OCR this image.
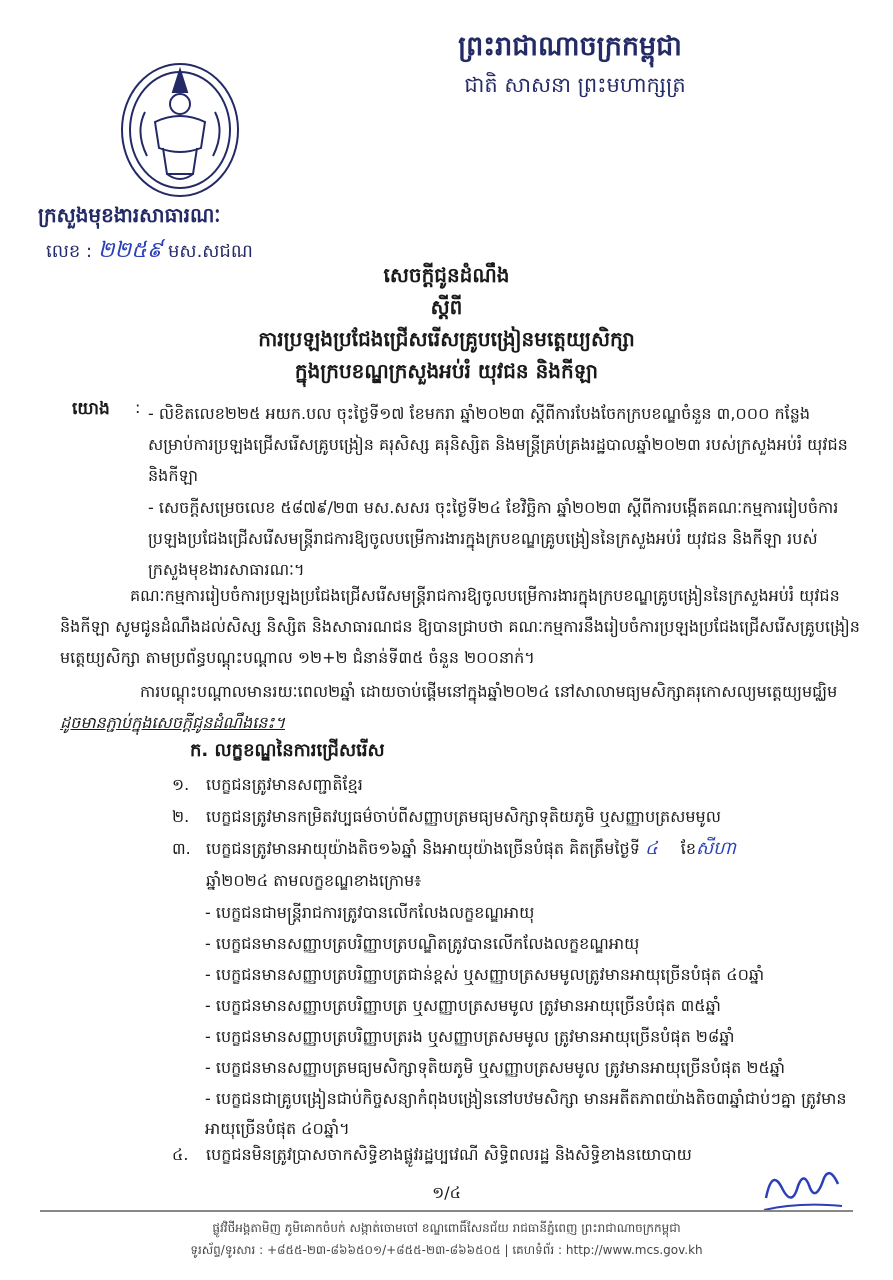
ព្រះរាជាណាចក្រកម្ពុជា
ជាតិ សាសនា ព្រះមហាក្សត្រ
ក្រសួងមុខងារសាធារណៈ
លេខ : ២២៥៩ មស.សជណ
សេចក្តីជូនដំណឹង
ស្តីពី
ការប្រឡងប្រជែងជ្រើសរើសគ្រូបង្រៀនមត្តេយ្យសិក្សា
ក្នុងក្របខណ្ឌក្រសួងអប់រំ យុវជន និងកីឡា
យោង : - លិខិតលេខ២២៥ អយក.បល ចុះថ្ងៃទី១៧ ខែមករា ឆ្នាំ២០២៣ ស្តីពីការបែងចែកក្របខណ្ឌចំនួន ៣,០០០ កន្លែងសម្រាប់ការប្រឡងជ្រើសរើសគ្រូបង្រៀន គរុសិស្ស គរុនិស្សិត និងមន្ត្រីគ្រប់គ្រងរដ្ឋបាលឆ្នាំ២០២៣ របស់ក្រសួងអប់រំ យុវជន និងកីឡា
- សេចក្តីសម្រេចលេខ ៥៨៧៩/២៣ មស.សសរ ចុះថ្ងៃទី២៤ ខែវិច្ឆិកា ឆ្នាំ២០២៣ ស្តីពីការបង្កើតគណៈកម្មការរៀបចំការប្រឡងប្រជែងជ្រើសរើសមន្ត្រីរាជការឱ្យចូលបម្រើការងារក្នុងក្របខណ្ឌគ្រូបង្រៀននៃក្រសួងអប់រំ យុវជន និងកីឡា របស់ក្រសួងមុខងារសាធារណៈ។
គណៈកម្មការរៀបចំការប្រឡងប្រជែងជ្រើសរើសមន្ត្រីរាជការឱ្យចូលបម្រើការងារក្នុងក្របខណ្ឌគ្រូបង្រៀននៃក្រសួងអប់រំ យុវជន និងកីឡា សូមជូនដំណឹងដល់សិស្ស និស្សិត និងសាធារណជន ឱ្យបានជ្រាបថា គណៈកម្មការនឹងរៀបចំការប្រឡងប្រជែងជ្រើសរើសគ្រូបង្រៀនមត្តេយ្យសិក្សា តាមប្រព័ន្ធបណ្តុះបណ្តាល ១២+២ ជំនាន់ទី៣៥ ចំនួន ២០០នាក់។
ការបណ្តុះបណ្តាលមានរយៈពេល២ឆ្នាំ ដោយចាប់ផ្តើមនៅក្នុងឆ្នាំ២០២៤ នៅសាលាមធ្យមសិក្សាគរុកោសល្យមត្តេយ្យមជ្ឈិម ដូចមានភ្ជាប់ក្នុងសេចក្តីជូនដំណឹងនេះ។
ក. លក្ខខណ្ឌនៃការជ្រើសរើស
១. បេក្ខជនត្រូវមានសញ្ជាតិខ្មែរ
២. បេក្ខជនត្រូវមានកម្រិតវប្បធម៌ចាប់ពីសញ្ញាបត្រមធ្យមសិក្សាទុតិយភូមិ ឬសញ្ញាបត្រសមមូល
៣. បេក្ខជនត្រូវមានអាយុយ៉ាងតិច១៦ឆ្នាំ និងអាយុយ៉ាងច្រើនបំផុត គិតត្រឹមថ្ងៃទី ៤ ខែសីហា
ឆ្នាំ២០២៤ តាមលក្ខខណ្ឌខាងក្រោម៖
- បេក្ខជនជាមន្ត្រីរាជការត្រូវបានលើកលែងលក្ខខណ្ឌអាយុ
- បេក្ខជនមានសញ្ញាបត្របរិញ្ញាបត្របណ្ឌិតត្រូវបានលើកលែងលក្ខខណ្ឌអាយុ
- បេក្ខជនមានសញ្ញាបត្របរិញ្ញាបត្រជាន់ខ្ពស់ ឬសញ្ញាបត្រសមមូលត្រូវមានអាយុច្រើនបំផុត ៤០ឆ្នាំ
- បេក្ខជនមានសញ្ញាបត្របរិញ្ញាបត្រ ឬសញ្ញាបត្រសមមូល ត្រូវមានអាយុច្រើនបំផុត ៣៥ឆ្នាំ
- បេក្ខជនមានសញ្ញាបត្របរិញ្ញាបត្ររង ឬសញ្ញាបត្រសមមូល ត្រូវមានអាយុច្រើនបំផុត ២៨ឆ្នាំ
- បេក្ខជនមានសញ្ញាបត្រមធ្យមសិក្សាទុតិយភូមិ ឬសញ្ញាបត្រសមមូល ត្រូវមានអាយុច្រើនបំផុត ២៥ឆ្នាំ
- បេក្ខជនជាគ្រូបង្រៀនជាប់កិច្ចសន្យាកំពុងបង្រៀននៅបឋមសិក្សា មានអតីតភាពយ៉ាងតិច៣ឆ្នាំជាប់ៗគ្នា ត្រូវមានអាយុច្រើនបំផុត ៤០ឆ្នាំ។
៤. បេក្ខជនមិនត្រូវប្រាសចាកសិទ្ធិខាងផ្លូវរដ្ឋប្បវេណី សិទ្ធិពលរដ្ឋ និងសិទ្ធិខាងនយោបាយ
១/៤
ផ្លូវវិថីអង្គតាមិញ ភូមិគោកចំបក់ សង្កាត់ចោមចៅ ខណ្ឌពោធិ៍សែនជ័យ រាជធានីភ្នំពេញ ព្រះរាជាណាចក្រកម្ពុជា
ទូរស័ព្ទ/ទូរសារ : +៨៥៥-២៣-៨៦៦៥០១/+៨៥៥-២៣-៨៦៦៥០៥ | គេហទំព័រ : http://www.mcs.gov.kh
